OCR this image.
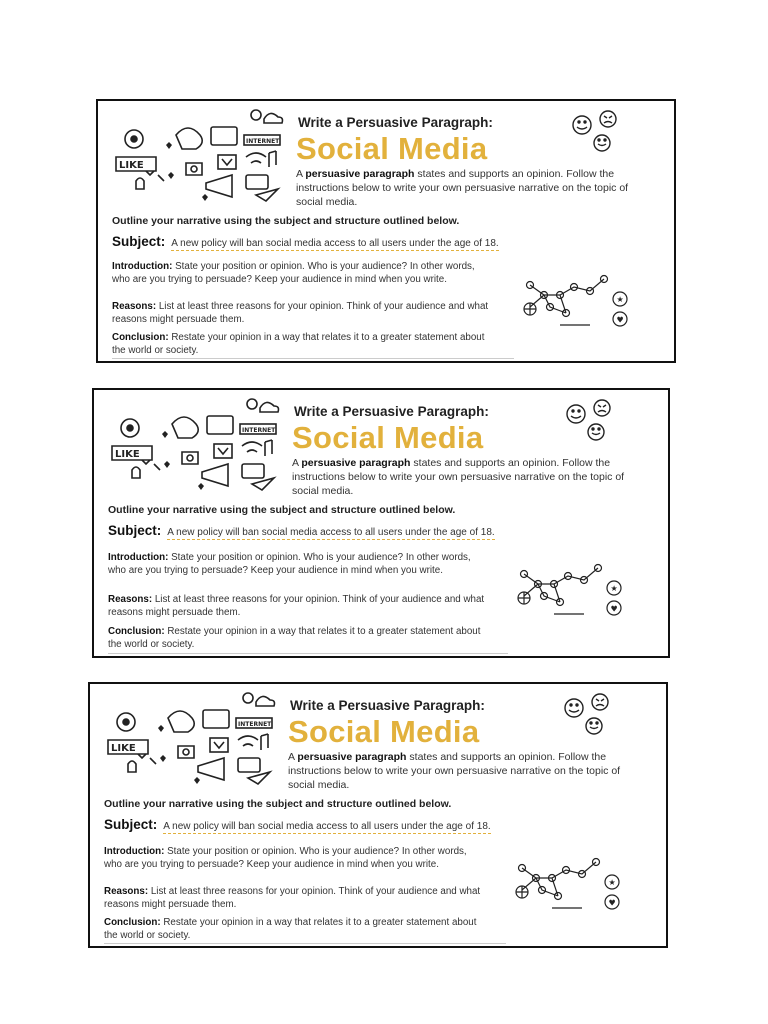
LIKE
INTERNET
Write a Persuasive Paragraph:
Social Media
A persuasive paragraph states and supports an opinion. Follow the instructions below to write your own persuasive narrative on the topic of social media.
Outline your narrative using the subject and structure outlined below.
Subject: A new policy will ban social media access to all users under the age of 18.
Introduction: State your position or opinion. Who is your audience? In other words, who are you trying to persuade? Keep your audience in mind when you write.
Reasons: List at least three reasons for your opinion. Think of your audience and what reasons might persuade them.
Conclusion: Restate your opinion in a way that relates it to a greater statement about the world or society.
★
♥
LIKE
INTERNET
Write a Persuasive Paragraph:
Social Media
A persuasive paragraph states and supports an opinion. Follow the instructions below to write your own persuasive narrative on the topic of social media.
Outline your narrative using the subject and structure outlined below.
Subject: A new policy will ban social media access to all users under the age of 18.
Introduction: State your position or opinion. Who is your audience? In other words, who are you trying to persuade? Keep your audience in mind when you write.
Reasons: List at least three reasons for your opinion. Think of your audience and what reasons might persuade them.
Conclusion: Restate your opinion in a way that relates it to a greater statement about the world or society.
★
♥
LIKE
INTERNET
Write a Persuasive Paragraph:
Social Media
A persuasive paragraph states and supports an opinion. Follow the instructions below to write your own persuasive narrative on the topic of social media.
Outline your narrative using the subject and structure outlined below.
Subject: A new policy will ban social media access to all users under the age of 18.
Introduction: State your position or opinion. Who is your audience? In other words, who are you trying to persuade? Keep your audience in mind when you write.
Reasons: List at least three reasons for your opinion. Think of your audience and what reasons might persuade them.
Conclusion: Restate your opinion in a way that relates it to a greater statement about the world or society.
★
♥
